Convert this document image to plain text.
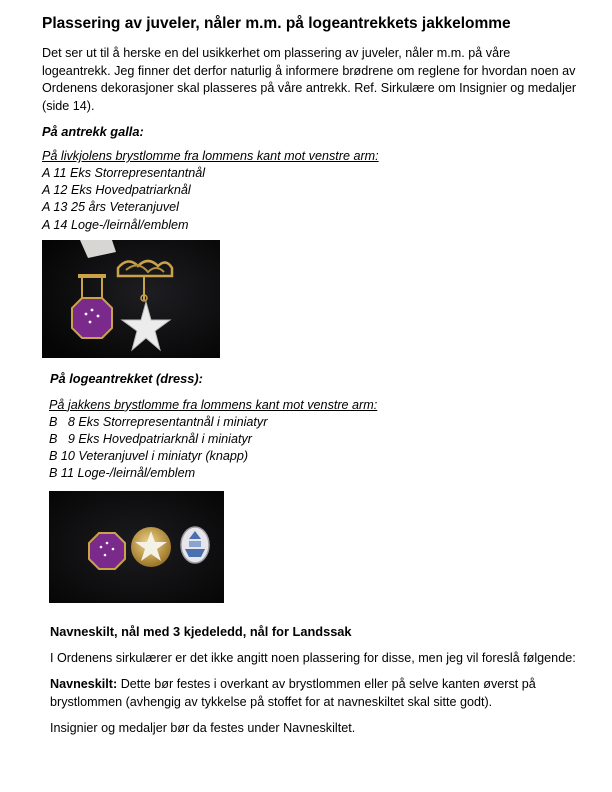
Plassering av juveler, nåler m.m. på logeantrekkets jakkelomme

Det ser ut til å herske en del usikkerhet om plassering av juveler, nåler m.m. på våre logeantrekk. Jeg finner det derfor naturlig å informere brødrene om reglene for hvordan noen av Ordenens dekorasjoner skal plasseres på våre antrekk. Ref. Sirkulære om Insignier og medaljer (side 14).

På antrekk galla:

På livkjolens brystlomme fra lommens kant mot venstre arm:

A 11 Eks Storrepresentantnål

A 12 Eks Hovedpatriarknål

A 13 25 års Veteranjuvel

A 14 Loge-/leirnål/emblem

På logeantrekket (dress):

På jakkens brystlomme fra lommens kant mot venstre arm:

B   8 Eks Storrepresentantnål i miniatyr

B   9 Eks Hovedpatriarknål i miniatyr

B 10 Veteranjuvel i miniatyr (knapp)

B 11 Loge-/leirnål/emblem

Navneskilt, nål med 3 kjedeledd, nål for Landssak

I Ordenens sirkulærer er det ikke angitt noen plassering for disse, men jeg vil foreslå følgende:

Navneskilt: Dette bør festes i overkant av brystlommen eller på selve kanten øverst på brystlommen (avhengig av tykkelse på stoffet for at navneskiltet skal sitte godt).

Insignier og medaljer bør da festes under Navneskiltet.
